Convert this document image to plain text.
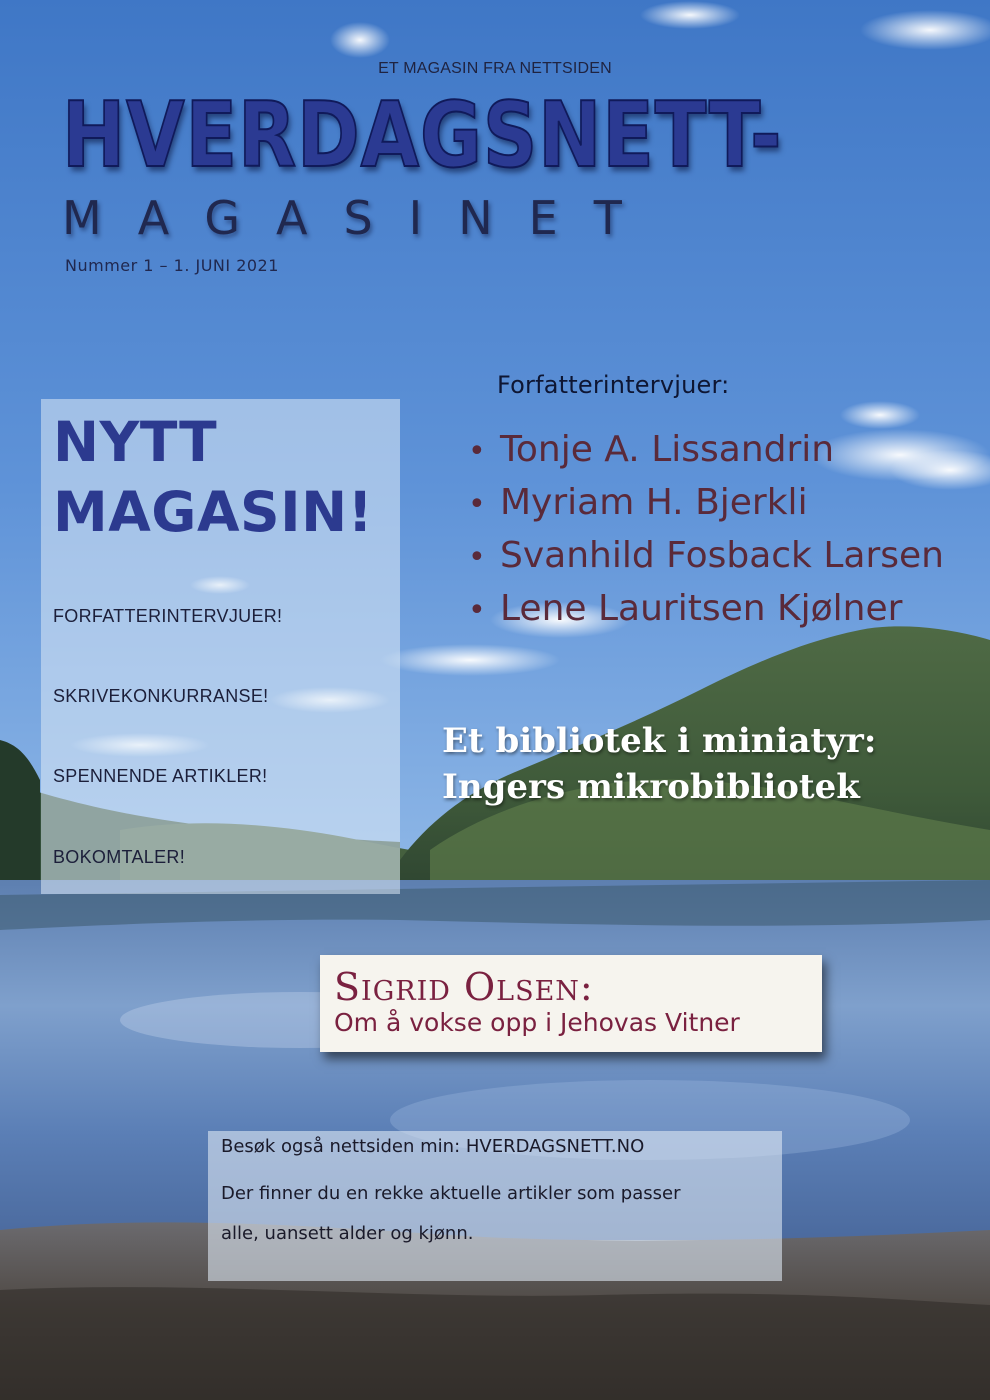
ET MAGASIN FRA NETTSIDEN
HVERDAGSNETT-
MAGASINET
Nummer 1 – 1. JUNI 2021
NYTT
MAGASIN!
FORFATTERINTERVJUER!
SKRIVEKONKURRANSE!
SPENNENDE ARTIKLER!
BOKOMTALER!
Forfatterintervjuer:
• Tonje A. Lissandrin
• Myriam H. Bjerkli
• Svanhild Fosback Larsen
• Lene Lauritsen Kjølner
Et bibliotek i miniatyr:
Ingers mikrobibliotek
Sigrid Olsen:
Om å vokse opp i Jehovas Vitner
Besøk også nettsiden min: HVERDAGSNETT.NO
Der finner du en rekke aktuelle artikler som passer
alle, uansett alder og kjønn.
